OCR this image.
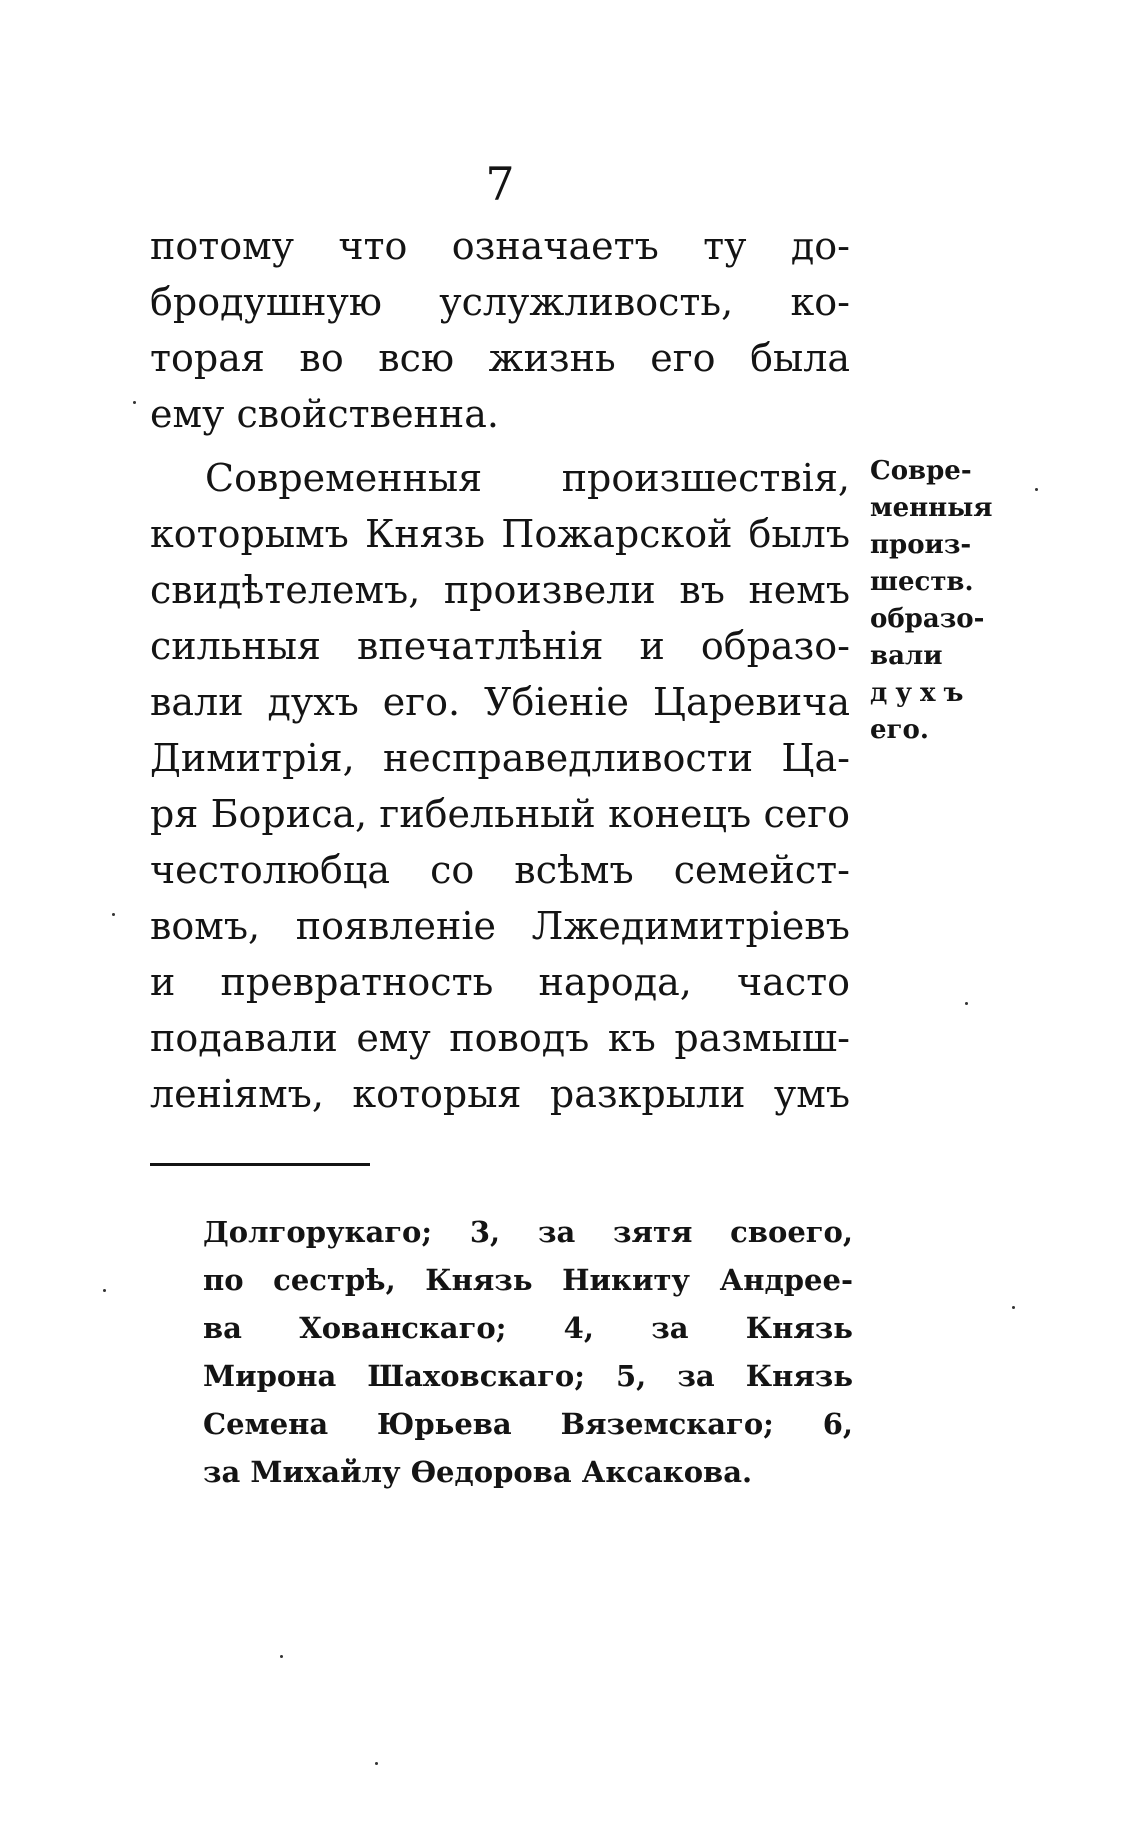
7
потому что означаетъ ту до-
бродушную услужливость, ко-
торая во всю жизнь его была
ему свойственна.
Современныя произшествія,
которымъ Князь Пожарской былъ
свидѣтелемъ, произвели въ немъ
сильныя впечатлѣнія и образо-
вали духъ его. Убіеніе Царевича
Димитрія, несправедливости Ца-
ря Бориса, гибельный конецъ сего
честолюбца со всѣмъ семейст-
вомъ, появленіе Лжедимитріевъ
и превратность народа, часто
подавали ему поводъ къ размыш-
леніямъ, которыя разкрыли умъ
Совре-
менныя
произ-
шеств.
образо-
вали
духъ
его.
Долгорукаго; 3, за зятя своего,
по сестрѣ, Князь Никиту Андрее-
ва Хованскаго; 4, за Князь
Мирона Шаховскаго; 5, за Князь
Семена Юрьева Вяземскаго; 6,
за Михайлу Ѳедорова Аксакова.
